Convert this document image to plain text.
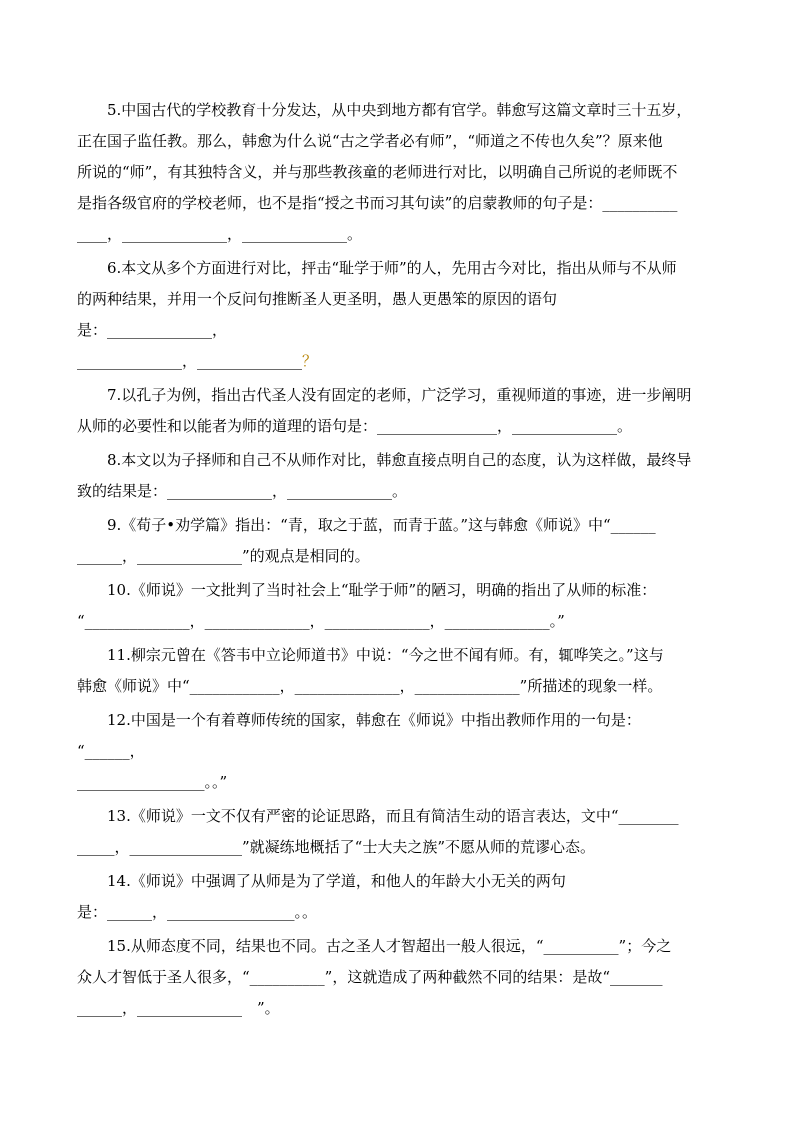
5.中国古代的学校教育十分发达，从中央到地方都有官学。韩愈写这篇文章时三十五岁，
正在国子监任教。那么，韩愈为什么说“古之学者必有师”，“师道之不传也久矣”？原来他
所说的“师”，有其独特含义，并与那些教孩童的老师进行对比，以明确自己所说的老师既不
是指各级官府的学校老师，也不是指“授之书而习其句读”的启蒙教师的句子是：__________
____，______________，______________。
6.本文从多个方面进行对比，抨击“耻学于师”的人，先用古今对比，指出从师与不从师
的两种结果，并用一个反问句推断圣人更圣明，愚人更愚笨的原因的语句
是：______________，
______________，______________？
7.以孔子为例，指出古代圣人没有固定的老师，广泛学习，重视师道的事迹，进一步阐明
从师的必要性和以能者为师的道理的语句是：________________，______________。
8.本文以为子择师和自己不从师作对比，韩愈直接点明自己的态度，认为这样做，最终导
致的结果是：______________，______________。
9.《荀子•劝学篇》指出：“青，取之于蓝，而青于蓝。”这与韩愈《师说》中“______
______，______________”的观点是相同的。
10.《师说》一文批判了当时社会上“耻学于师”的陋习，明确的指出了从师的标准：
“______________，______________，______________，______________。”
11.柳宗元曾在《答韦中立论师道书》中说：“今之世不闻有师。有，辄哗笑之。”这与
韩愈《师说》中“____________，______________，______________”所描述的现象一样。
12.中国是一个有着尊师传统的国家，韩愈在《师说》中指出教师作用的一句是：
“______，
_________________。。”
13.《师说》一文不仅有严密的论证思路，而且有简洁生动的语言表达，文中“________
_____，_______________”就凝练地概括了“士大夫之族”不愿从师的荒谬心态。
14.《师说》中强调了从师是为了学道，和他人的年龄大小无关的两句
是：______，_________________。。
15.从师态度不同，结果也不同。古之圣人才智超出一般人很远，“__________”；今之
众人才智低于圣人很多，“__________”，这就造成了两种截然不同的结果：是故“_______
______，______________　”。
